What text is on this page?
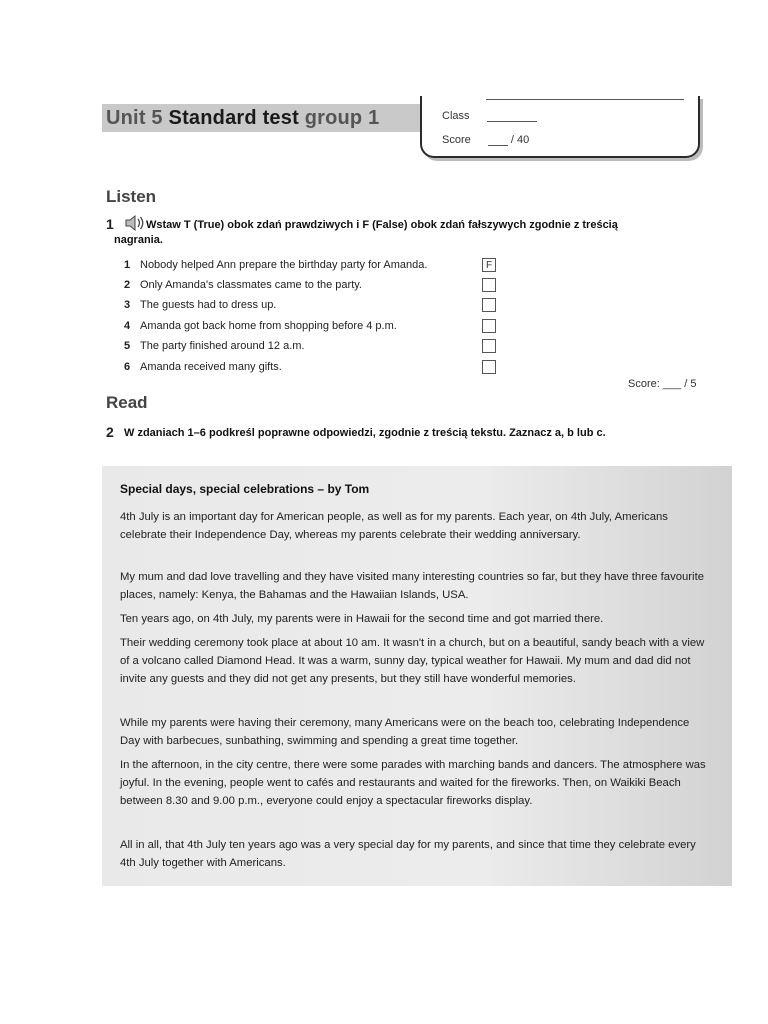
Unit 5 Standard test group 1	Class
Score	/ 40
Listen
1	Wstaw T (True) obok zdań prawdziwych i F (False) obok zdań fałszywych zgodnie z treścią
nagrania.
1 Nobody helped Ann prepare the birthday party for Amanda.	F
2 Only Amanda's classmates came to the party.
3 The guests had to dress up.
4 Amanda got back home from shopping before 4 p.m.
5 The party finished around 12 a.m.
6 Amanda received many gifts.
Score: ___ / 5
Read
2 W zdaniach 1–6 podkreśl poprawne odpowiedzi, zgodnie z treścią tekstu. Zaznacz a, b lub c.
Special days, special celebrations – by Tom
4th July is an important day for American people, as well as for my parents. Each year, on 4th July, Americans celebrate their Independence Day, whereas my parents celebrate their wedding anniversary.
My mum and dad love travelling and they have visited many interesting countries so far, but they have three favourite places, namely: Kenya, the Bahamas and the Hawaiian Islands, USA.
Ten years ago, on 4th July, my parents were in Hawaii for the second time and got married there.
Their wedding ceremony took place at about 10 am. It wasn't in a church, but on a beautiful, sandy beach with a view of a volcano called Diamond Head. It was a warm, sunny day, typical weather for Hawaii. My mum and dad did not invite any guests and they did not get any presents, but they still have wonderful memories.
While my parents were having their ceremony, many Americans were on the beach too, celebrating Independence Day with barbecues, sunbathing, swimming and spending a great time together.
In the afternoon, in the city centre, there were some parades with marching bands and dancers. The atmosphere was joyful. In the evening, people went to cafés and restaurants and waited for the fireworks. Then, on Waikiki Beach between 8.30 and 9.00 p.m., everyone could enjoy a spectacular fireworks display.
All in all, that 4th July ten years ago was a very special day for my parents, and since that time they celebrate every 4th July together with Americans.
